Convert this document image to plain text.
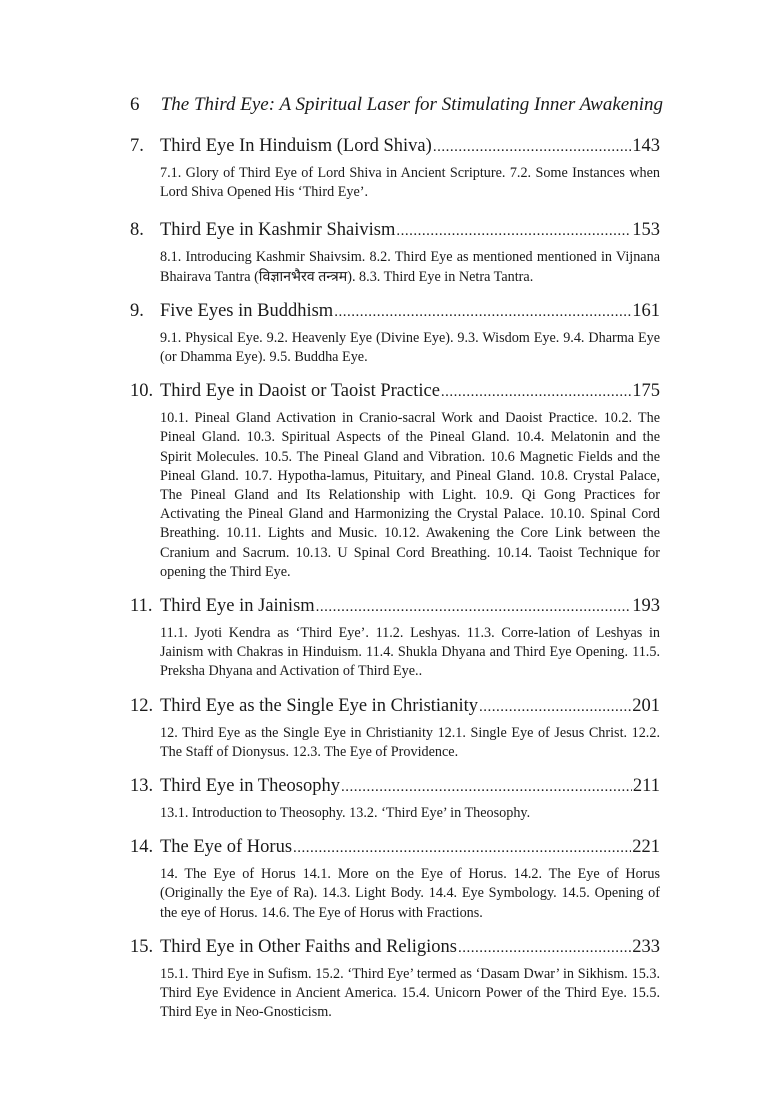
6 The Third Eye: A Spiritual Laser for Stimulating Inner Awakening
7. Third Eye In Hinduism (Lord Shiva) .....	143
7.1. Glory of Third Eye of Lord Shiva in Ancient Scripture. 7.2. Some Instances when Lord Shiva Opened His ‘Third Eye’.
8. Third Eye in Kashmir Shaivism .....	153
8.1. Introducing Kashmir Shaivsim. 8.2. Third Eye as mentioned mentioned in Vijnana Bhairava Tantra (विज्ञानभैरव तन्त्रम). 8.3. Third Eye in Netra Tantra.
9. Five Eyes in Buddhism .....	161
9.1. Physical Eye. 9.2. Heavenly Eye (Divine Eye). 9.3. Wisdom Eye. 9.4. Dharma Eye (or Dhamma Eye). 9.5. Buddha Eye.
10. Third Eye in Daoist or Taoist Practice .....	175
10.1. Pineal Gland Activation in Cranio-sacral Work and Daoist Practice. 10.2. The Pineal Gland. 10.3. Spiritual Aspects of the Pineal Gland. 10.4. Melatonin and the Spirit Molecules. 10.5. The Pineal Gland and Vibration. 10.6 Magnetic Fields and the Pineal Gland. 10.7. Hypotha-lamus, Pituitary, and Pineal Gland. 10.8. Crystal Palace, The Pineal Gland and Its Relationship with Light. 10.9. Qi Gong Practices for Activating the Pineal Gland and Harmonizing the Crystal Palace. 10.10. Spinal Cord Breathing. 10.11. Lights and Music. 10.12. Awakening the Core Link between the Cranium and Sacrum. 10.13. U Spinal Cord Breathing. 10.14. Taoist Technique for opening the Third Eye.
11. Third Eye in Jainism .....	193
11.1. Jyoti Kendra as ‘Third Eye’. 11.2. Leshyas. 11.3. Corre-lation of Leshyas in Jainism with Chakras in Hinduism. 11.4. Shukla Dhyana and Third Eye Opening. 11.5. Preksha Dhyana and Activation of Third Eye..
12. Third Eye as the Single Eye in Christianity .....	201
12. Third Eye as the Single Eye in Christianity 12.1. Single Eye of Jesus Christ. 12.2. The Staff of Dionysus. 12.3. The Eye of Providence.
13. Third Eye in Theosophy .....	211
13.1. Introduction to Theosophy. 13.2. ‘Third Eye’ in Theosophy.
14. The Eye of Horus .....	221
14. The Eye of Horus 14.1. More on the Eye of Horus. 14.2. The Eye of Horus (Originally the Eye of Ra). 14.3. Light Body. 14.4. Eye Symbology. 14.5. Opening of the eye of Horus. 14.6. The Eye of Horus with Fractions.
15. Third Eye in Other Faiths and Religions .....	233
15.1. Third Eye in Sufism. 15.2. ‘Third Eye’ termed as ‘Dasam Dwar’ in Sikhism. 15.3. Third Eye Evidence in Ancient America. 15.4. Unicorn Power of the Third Eye. 15.5. Third Eye in Neo-Gnosticism.
